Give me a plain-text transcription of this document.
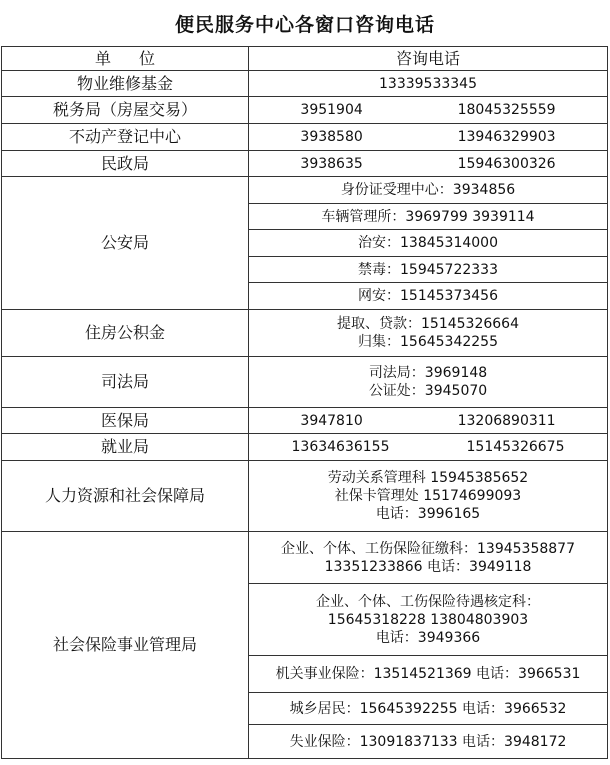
便民服务中心各窗口咨询电话
单位	咨询电话
物业维修基金	13339533345
税务局（房屋交易）	3951904 18045325559

不动产登记中心	3938580 13946329903

民政局	3938635 15946300326

公安局	身份证受理中心：3934856
	车辆管理所：3969799 3939114
	治安：13845314000
	禁毒：15945722333
	网安：15145373456
住房公积金	提取、贷款：15145326664
归集：15645342255

司法局	司法局：3969148
公证处：3945070

医保局	3947810 13206890311

就业局	13634636155 15145326675

人力资源和社会保障局	劳动关系管理科 15945385652
社保卡管理处 15174699093
电话：3996165

社会保险事业管理局	企业、个体、工伤保险征缴科：13945358877
13351233866 电话：3949118

	企业、个体、工伤保险待遇核定科：
15645318228 13804803903
电话：3949366

	机关事业保险：13514521369 电话：3966531
	城乡居民：15645392255 电话：3966532
	失业保险：13091837133 电话：3948172
